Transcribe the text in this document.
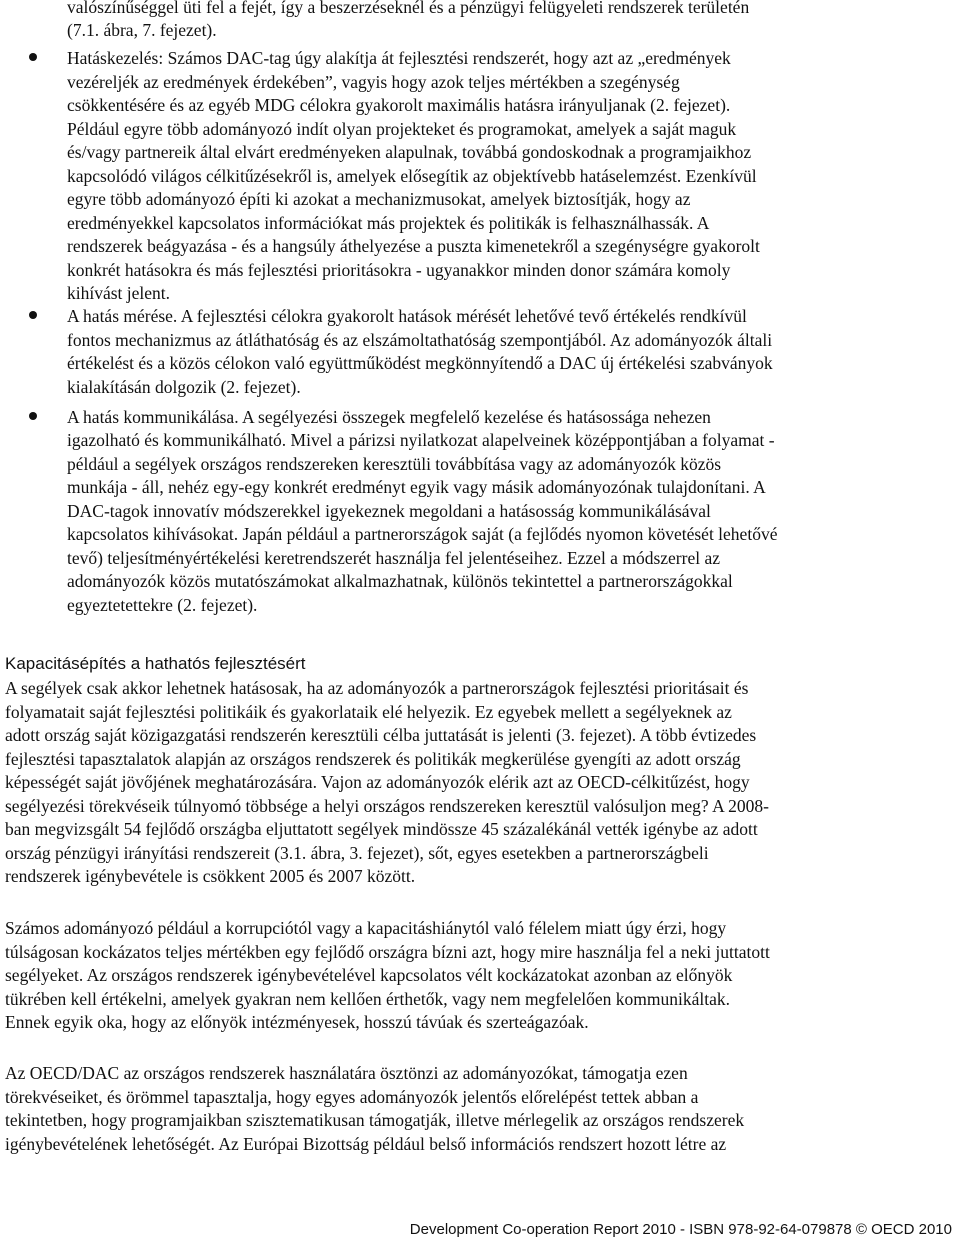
valószínűséggel üti fel a fejét, így a beszerzéseknél és a pénzügyi felügyeleti rendszerek területén
(7.1. ábra, 7. fejezet).
Hatáskezelés: Számos DAC-tag úgy alakítja át fejlesztési rendszerét, hogy azt az „eredmények
vezéreljék az eredmények érdekében”, vagyis hogy azok teljes mértékben a szegénység
csökkentésére és az egyéb MDG célokra gyakorolt maximális hatásra irányuljanak (2. fejezet).
Például egyre több adományozó indít olyan projekteket és programokat, amelyek a saját maguk
és/vagy partnereik által elvárt eredményeken alapulnak, továbbá gondoskodnak a programjaikhoz
kapcsolódó világos célkitűzésekről is, amelyek elősegítik az objektívebb hatáselemzést. Ezenkívül
egyre több adományozó építi ki azokat a mechanizmusokat, amelyek biztosítják, hogy az
eredményekkel kapcsolatos információkat más projektek és politikák is felhasználhassák. A
rendszerek beágyazása - és a hangsúly áthelyezése a puszta kimenetekről a szegénységre gyakorolt
konkrét hatásokra és más fejlesztési prioritásokra - ugyanakkor minden donor számára komoly
kihívást jelent.
A hatás mérése. A fejlesztési célokra gyakorolt hatások mérését lehetővé tevő értékelés rendkívül
fontos mechanizmus az átláthatóság és az elszámoltathatóság szempontjából. Az adományozók általi
értékelést és a közös célokon való együttműködést megkönnyítendő a DAC új értékelési szabványok
kialakításán dolgozik (2. fejezet).
A hatás kommunikálása. A segélyezési összegek megfelelő kezelése és hatásossága nehezen
igazolható és kommunikálható. Mivel a párizsi nyilatkozat alapelveinek középpontjában a folyamat -
például a segélyek országos rendszereken keresztüli továbbítása vagy az adományozók közös
munkája - áll, nehéz egy-egy konkrét eredményt egyik vagy másik adományozónak tulajdonítani. A
DAC-tagok innovatív módszerekkel igyekeznek megoldani a hatásosság kommunikálásával
kapcsolatos kihívásokat. Japán például a partnerországok saját (a fejlődés nyomon követését lehetővé
tevő) teljesítményértékelési keretrendszerét használja fel jelentéseihez. Ezzel a módszerrel az
adományozók közös mutatószámokat alkalmazhatnak, különös tekintettel a partnerországokkal
egyeztetettekre (2. fejezet).
Kapacitásépítés a hathatós fejlesztésért
A segélyek csak akkor lehetnek hatásosak, ha az adományozók a partnerországok fejlesztési prioritásait és
folyamatait saját fejlesztési politikáik és gyakorlataik elé helyezik. Ez egyebek mellett a segélyeknek az
adott ország saját közigazgatási rendszerén keresztüli célba juttatását is jelenti (3. fejezet). A több évtizedes
fejlesztési tapasztalatok alapján az országos rendszerek és politikák megkerülése gyengíti az adott ország
képességét saját jövőjének meghatározására. Vajon az adományozók elérik azt az OECD-célkitűzést, hogy
segélyezési törekvéseik túlnyomó többsége a helyi országos rendszereken keresztül valósuljon meg? A 2008-
ban megvizsgált 54 fejlődő országba eljuttatott segélyek mindössze 45 százalékánál vették igénybe az adott
ország pénzügyi irányítási rendszereit (3.1. ábra, 3. fejezet), sőt, egyes esetekben a partnerországbeli
rendszerek igénybevétele is csökkent 2005 és 2007 között.
Számos adományozó például a korrupciótól vagy a kapacitáshiánytól való félelem miatt úgy érzi, hogy
túlságosan kockázatos teljes mértékben egy fejlődő országra bízni azt, hogy mire használja fel a neki juttatott
segélyeket. Az országos rendszerek igénybevételével kapcsolatos vélt kockázatokat azonban az előnyök
tükrében kell értékelni, amelyek gyakran nem kellően érthetők, vagy nem megfelelően kommunikáltak.
Ennek egyik oka, hogy az előnyök intézményesek, hosszú távúak és szerteágazóak.
Az OECD/DAC az országos rendszerek használatára ösztönzi az adományozókat, támogatja ezen
törekvéseiket, és örömmel tapasztalja, hogy egyes adományozók jelentős előrelépést tettek abban a
tekintetben, hogy programjaikban szisztematikusan támogatják, illetve mérlegelik az országos rendszerek
igénybevételének lehetőségét. Az Európai Bizottság például belső információs rendszert hozott létre az
Development Co-operation Report 2010 - ISBN 978-92-64-079878 © OECD 2010
